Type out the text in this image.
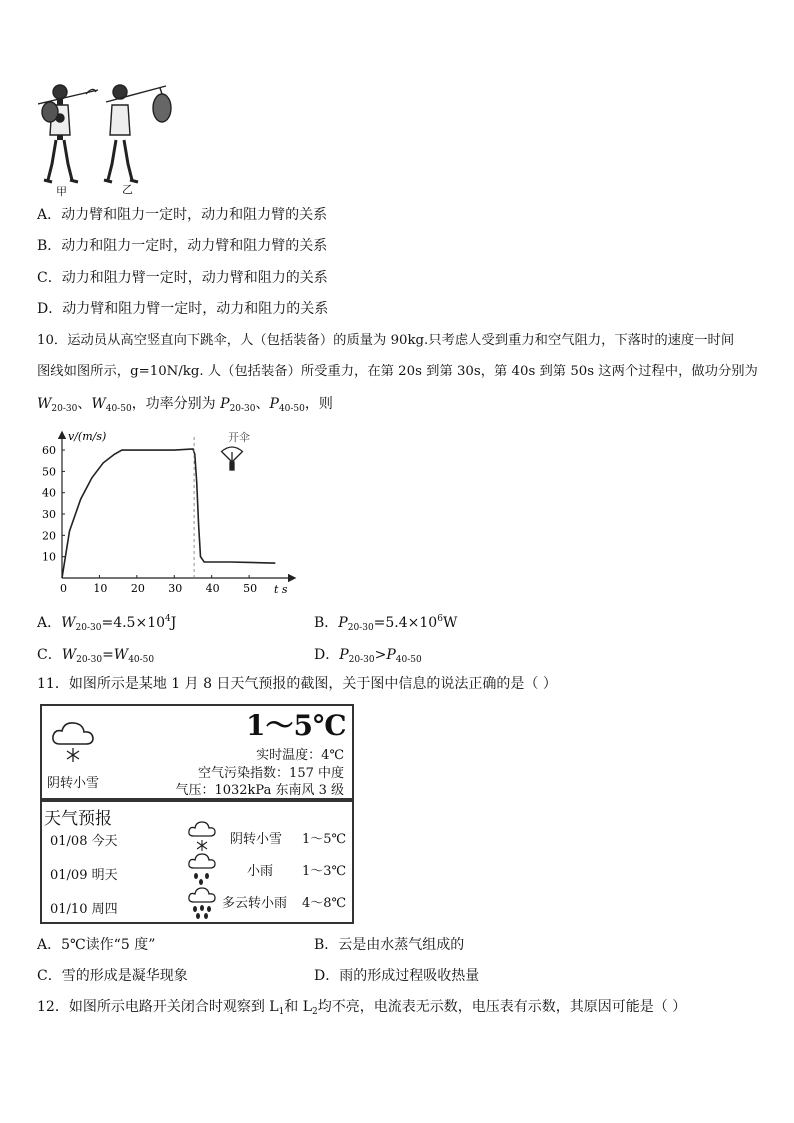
甲	乙
A．动力臂和阻力一定时，动力和阻力臂的关系
B．动力和阻力一定时，动力臂和阻力臂的关系
C．动力和阻力臂一定时，动力臂和阻力的关系
D．动力臂和阻力臂一定时，动力和阻力的关系
10．运动员从高空竖直向下跳伞，人（包括装备）的质量为 90kg.只考虑人受到重力和空气阻力，下落时的速度一时间
图线如图所示，g=10N/kg. 人（包括装备）所受重力，在第 20s 到第 30s，第 40s 到第 50s 这两个过程中，做功分别为
$W_{20-30}$、$W_{40-50}$，功率分别为 $P_{20-30}$、$P_{40-50}$，则
0 10 20 30 40 50
10
20
30
40
50
60
v/(m/s)
t s
开伞
A．$W_{20-30}=4.5\times 10^4J$	B．$P_{20-30}=5.4\times 10^6W$
C．$W_{20-30}=W_{40-50}$	D．$P_{20-30}>P_{40-50}$
11．如图所示是某地 1 月 8 日天气预报的截图，关于图中信息的说法正确的是（ ）
阴转小雪
1～5℃
实时温度：4℃
空气污染指数：157 中度
气压：1032kPa 东南风 3 级
天气预报
01/08 今天	阴转小雪 1～5℃
01/09 明天	小雨 1～3℃
01/10 周四	多云转小雨 4～8℃
A．5℃读作“5 度”	B．云是由水蒸气组成的
C．雪的形成是凝华现象	D．雨的形成过程吸收热量
12．如图所示电路开关闭合时观察到 $L_1$和 $L_2$均不亮，电流表无示数，电压表有示数，其原因可能是（ ）
